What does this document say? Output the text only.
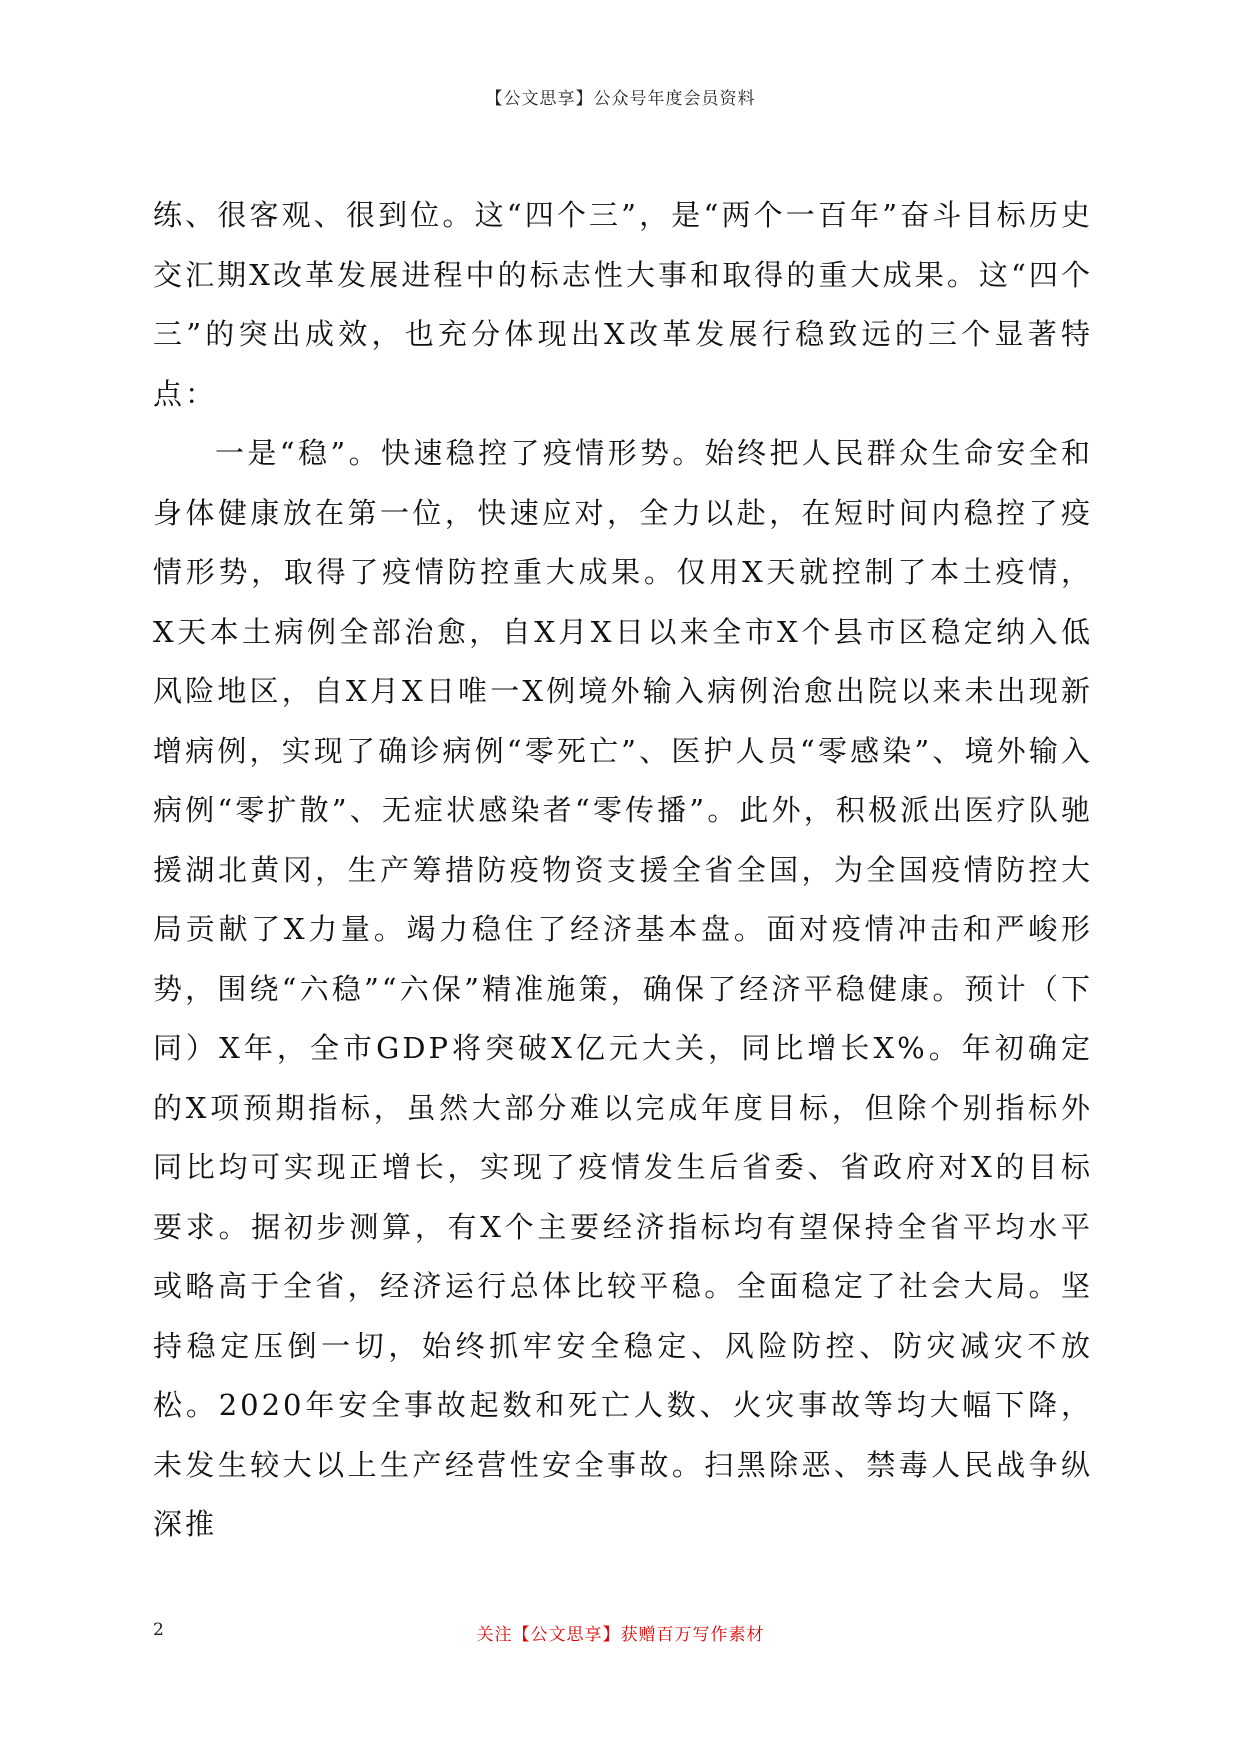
【公文思享】公众号年度会员资料

练、很客观、很到位。这“四个三”，是“两个一百年”奋斗目标历史交汇期X改革发展进程中的标志性大事和取得的重大成果。这“四个三”的突出成效，也充分体现出X改革发展行稳致远的三个显著特点：

一是“稳”。快速稳控了疫情形势。始终把人民群众生命安全和身体健康放在第一位，快速应对，全力以赴，在短时间内稳控了疫情形势，取得了疫情防控重大成果。仅用X天就控制了本土疫情，X天本土病例全部治愈，自X月X日以来全市X个县市区稳定纳入低风险地区，自X月X日唯一X例境外输入病例治愈出院以来未出现新增病例，实现了确诊病例“零死亡”、医护人员“零感染”、境外输入病例“零扩散”、无症状感染者“零传播”。此外，积极派出医疗队驰援湖北黄冈，生产筹措防疫物资支援全省全国，为全国疫情防控大局贡献了X力量。竭力稳住了经济基本盘。面对疫情冲击和严峻形势，围绕“六稳”“六保”精准施策，确保了经济平稳健康。预计（下同）X年，全市GDP将突破X亿元大关，同比增长X%。年初确定的X项预期指标，虽然大部分难以完成年度目标，但除个别指标外同比均可实现正增长，实现了疫情发生后省委、省政府对X的目标要求。据初步测算，有X个主要经济指标均有望保持全省平均水平或略高于全省，经济运行总体比较平稳。全面稳定了社会大局。坚持稳定压倒一切，始终抓牢安全稳定、风险防控、防灾减灾不放松。2020年安全事故起数和死亡人数、火灾事故等均大幅下降，未发生较大以上生产经营性安全事故。扫黑除恶、禁毒人民战争纵深推

2	关注【公文思享】获赠百万写作素材
